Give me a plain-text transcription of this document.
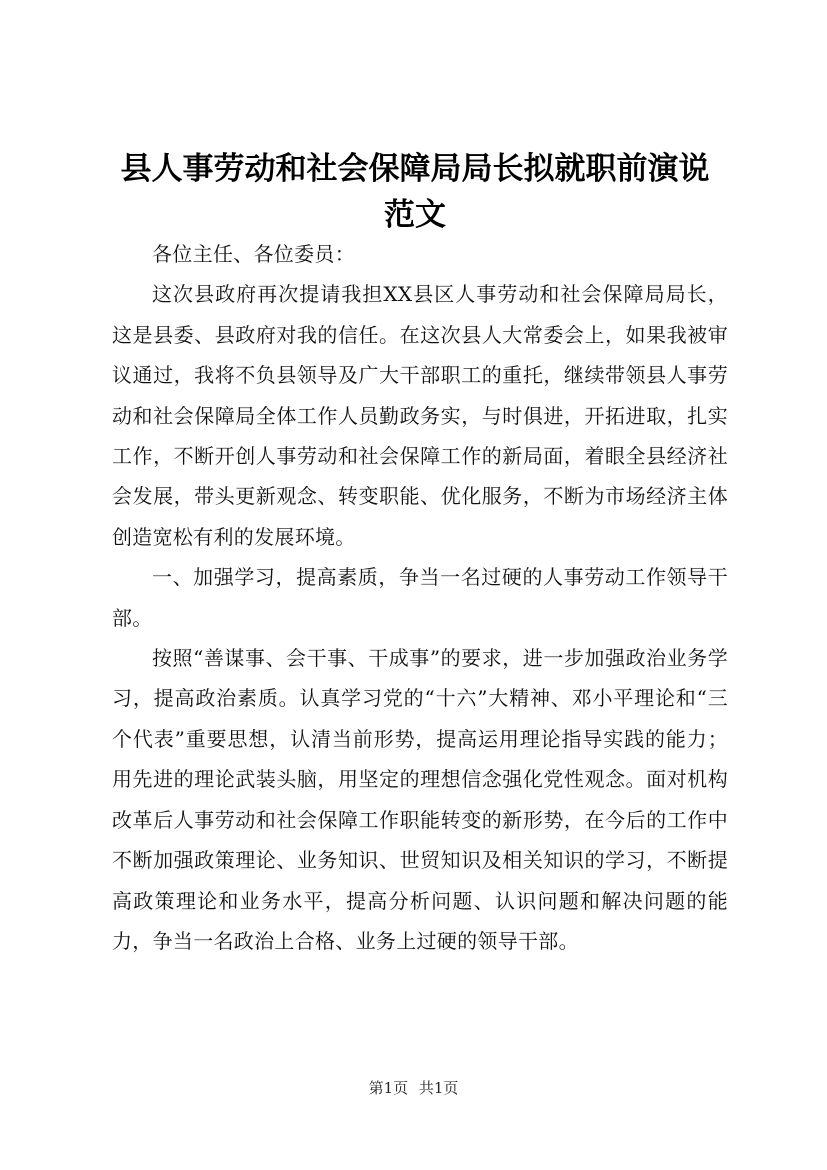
县人事劳动和社会保障局局长拟就职前演说范文

各位主任、各位委员：

这次县政府再次提请我担XX县区人事劳动和社会保障局局长，这是县委、县政府对我的信任。在这次县人大常委会上，如果我被审议通过，我将不负县领导及广大干部职工的重托，继续带领县人事劳动和社会保障局全体工作人员勤政务实，与时俱进，开拓进取，扎实工作，不断开创人事劳动和社会保障工作的新局面，着眼全县经济社会发展，带头更新观念、转变职能、优化服务，不断为市场经济主体创造宽松有利的发展环境。

一、加强学习，提高素质，争当一名过硬的人事劳动工作领导干部。

按照“善谋事、会干事、干成事”的要求，进一步加强政治业务学习，提高政治素质。认真学习党的“十六”大精神、邓小平理论和“三个代表”重要思想，认清当前形势，提高运用理论指导实践的能力；用先进的理论武装头脑，用坚定的理想信念强化党性观念。面对机构改革后人事劳动和社会保障工作职能转变的新形势，在今后的工作中不断加强政策理论、业务知识、世贸知识及相关知识的学习，不断提高政策理论和业务水平，提高分析问题、认识问题和解决问题的能力，争当一名政治上合格、业务上过硬的领导干部。

第1页 共1页
